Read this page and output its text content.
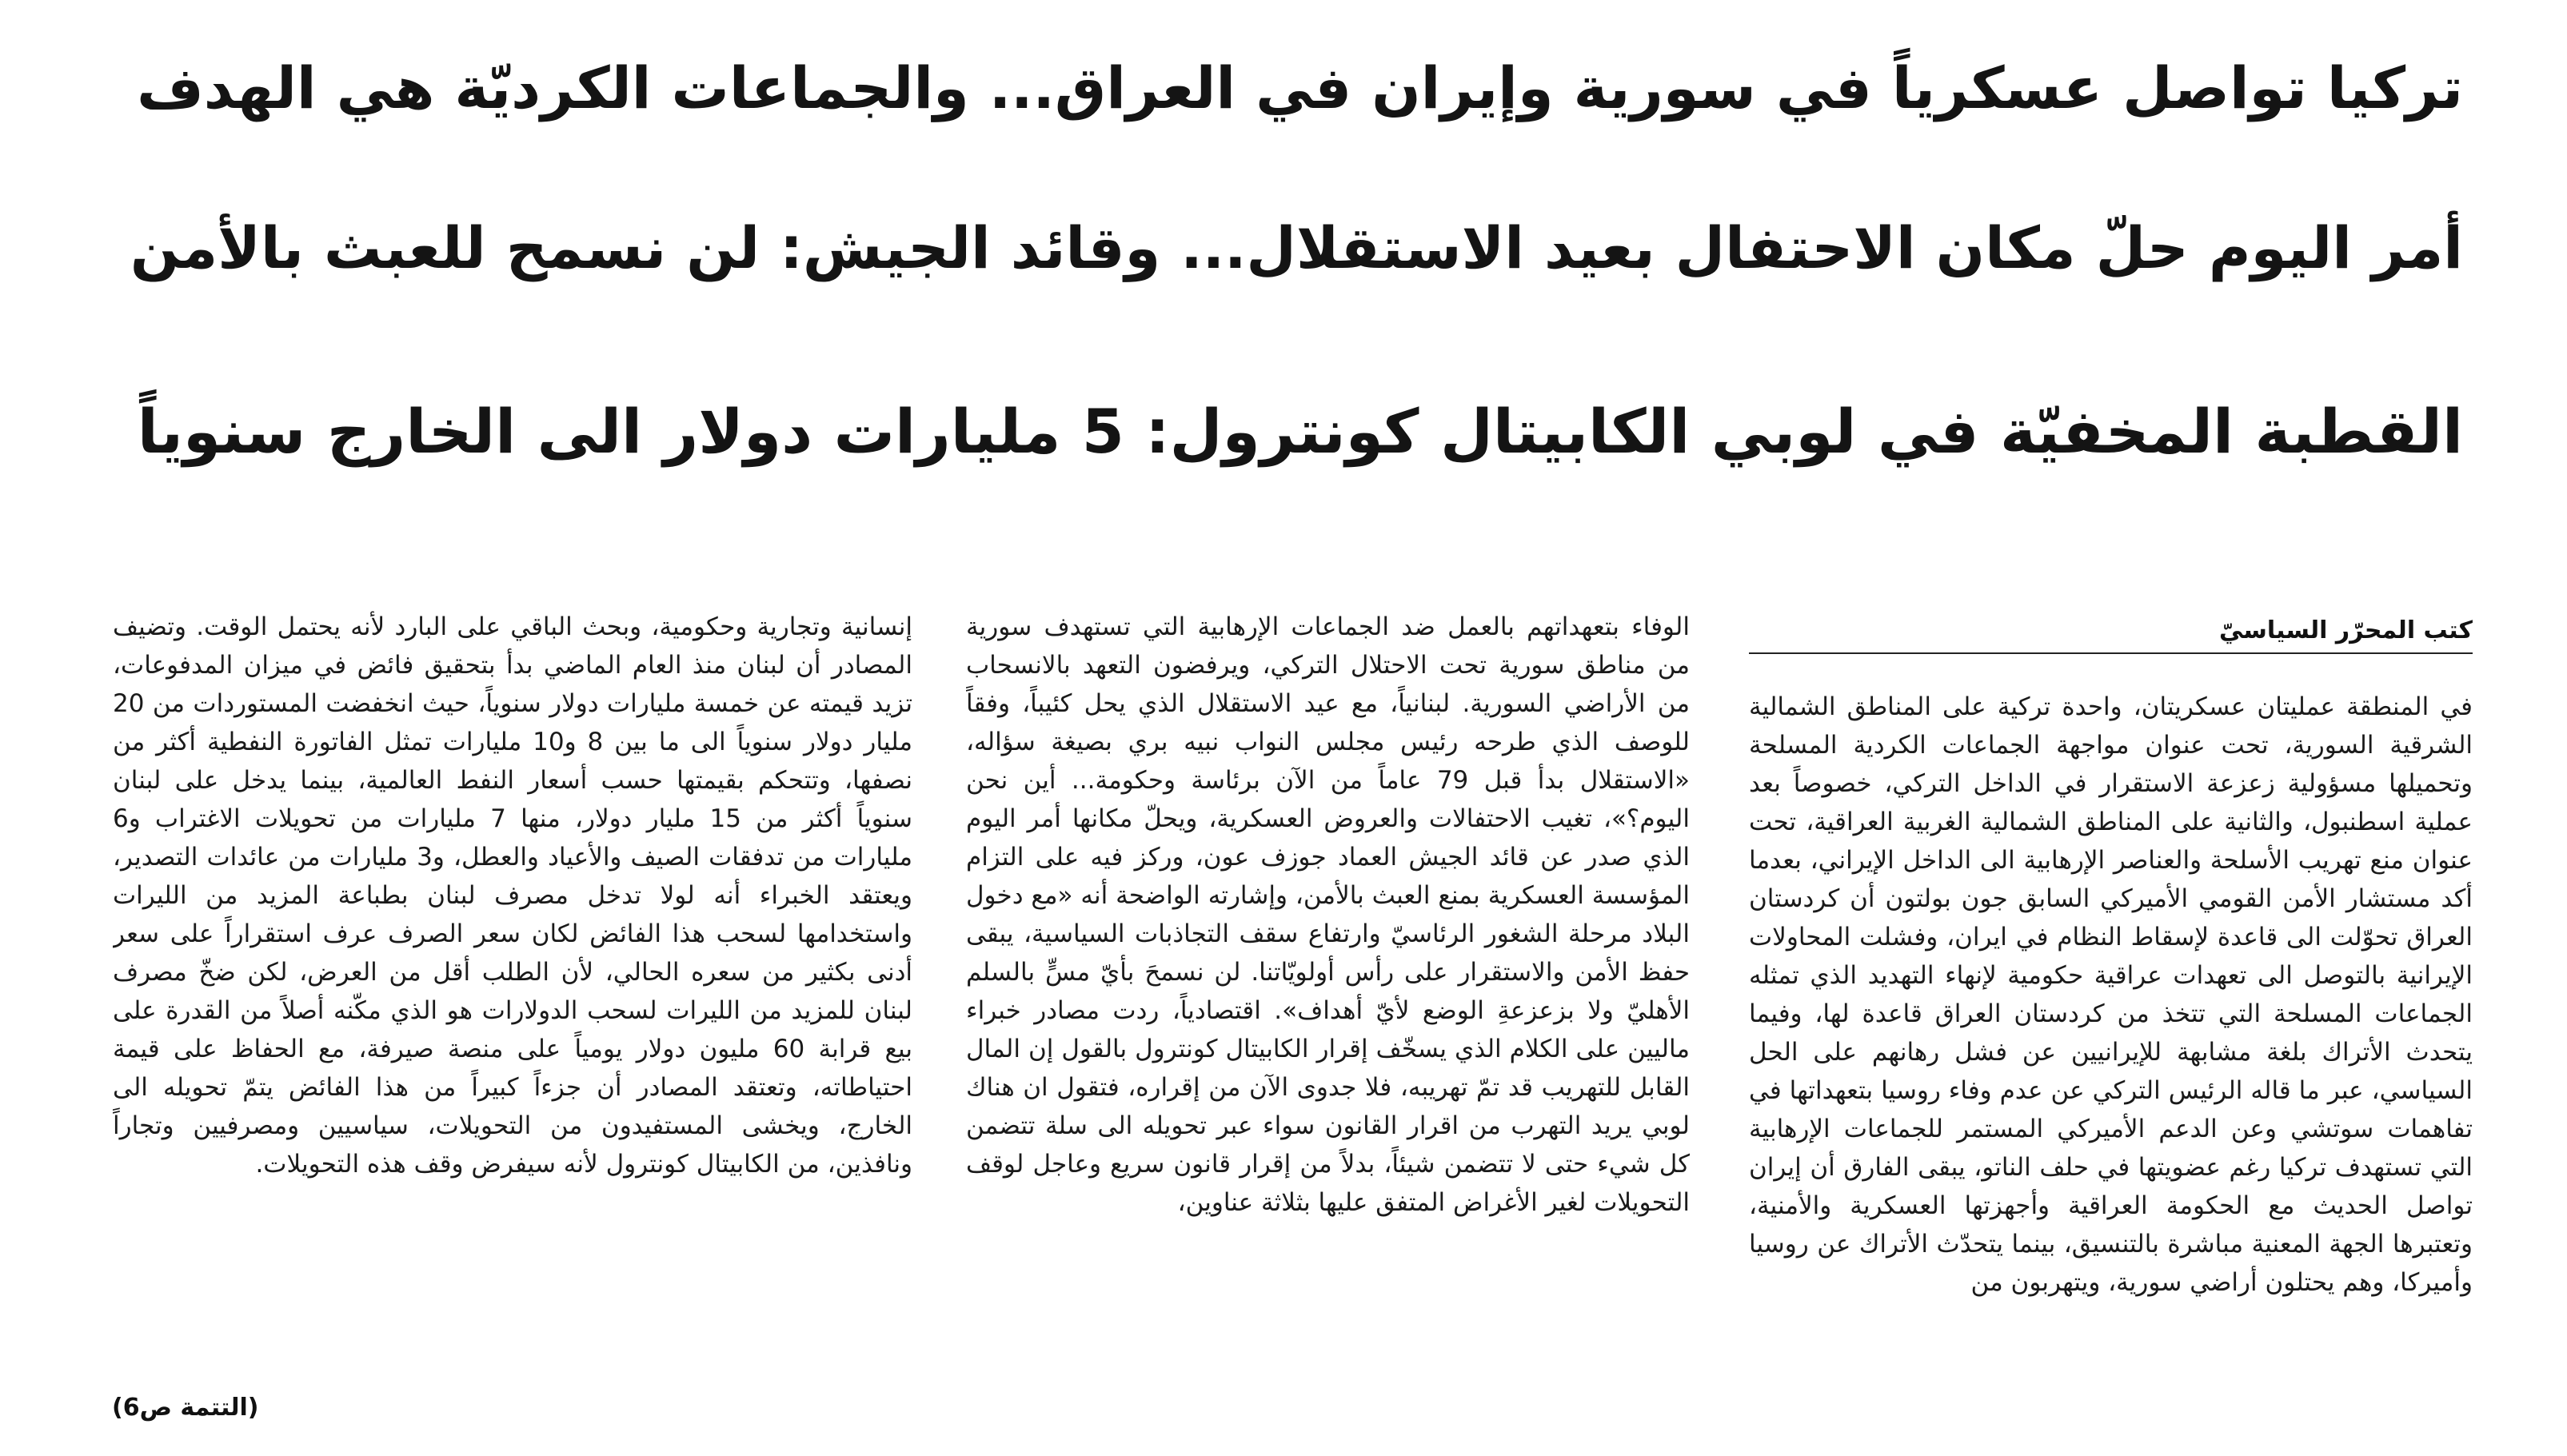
تركيا تواصل عسكرياً في سورية وإيران في العراق... والجماعات الكرديّة هي الهدف
أمر اليوم حلّ مكان الاحتفال بعيد الاستقلال... وقائد الجيش: لن نسمح للعبث بالأمن
القطبة المخفيّة في لوبي الكابيتال كونترول: 5 مليارات دولار الى الخارج سنوياً
كتب المحرّر السياسيّ

في المنطقة عمليتان عسكريتان، واحدة تركية على المناطق الشمالية الشرقية السورية، تحت عنوان مواجهة الجماعات الكردية المسلحة وتحميلها مسؤولية زعزعة الاستقرار في الداخل التركي، خصوصاً بعد عملية اسطنبول، والثانية على المناطق الشمالية الغربية العراقية، تحت عنوان منع تهريب الأسلحة والعناصر الإرهابية الى الداخل الإيراني، بعدما أكد مستشار الأمن القومي الأميركي السابق جون بولتون أن كردستان العراق تحوّلت الى قاعدة لإسقاط النظام في ايران، وفشلت المحاولات الإيرانية بالتوصل الى تعهدات عراقية حكومية لإنهاء التهديد الذي تمثله الجماعات المسلحة التي تتخذ من كردستان العراق قاعدة لها، وفيما يتحدث الأتراك بلغة مشابهة للإيرانيين عن فشل رهانهم على الحل السياسي، عبر ما قاله الرئيس التركي عن عدم وفاء روسيا بتعهداتها في تفاهمات سوتشي وعن الدعم الأميركي المستمر للجماعات الإرهابية التي تستهدف تركيا رغم عضويتها في حلف الناتو، يبقى الفارق أن إيران تواصل الحديث مع الحكومة العراقية وأجهزتها العسكرية والأمنية، وتعتبرها الجهة المعنية مباشرة بالتنسيق، بينما يتحدّث الأتراك عن روسيا وأميركا، وهم يحتلون أراضي سورية، ويتهربون من

الوفاء بتعهداتهم بالعمل ضد الجماعات الإرهابية التي تستهدف سورية من مناطق سورية تحت الاحتلال التركي، ويرفضون التعهد بالانسحاب من الأراضي السورية. لبنانياً، مع عيد الاستقلال الذي يحل كئيباً، وفقاً للوصف الذي طرحه رئيس مجلس النواب نبيه بري بصيغة سؤاله، «الاستقلال بدأ قبل 79 عاماً من الآن برئاسة وحكومة... أين نحن اليوم؟»، تغيب الاحتفالات والعروض العسكرية، ويحلّ مكانها أمر اليوم الذي صدر عن قائد الجيش العماد جوزف عون، وركز فيه على التزام المؤسسة العسكرية بمنع العبث بالأمن، وإشارته الواضحة أنه «مع دخول البلاد مرحلة الشغور الرئاسيّ وارتفاع سقف التجاذبات السياسية، يبقى حفظ الأمن والاستقرار على رأس أولويّاتنا. لن نسمحَ بأيّ مسٍّ بالسلم الأهليّ ولا بزعزعةِ الوضع لأيّ أهداف». اقتصادياً، ردت مصادر خبراء ماليين على الكلام الذي يسخّف إقرار الكابيتال كونترول بالقول إن المال القابل للتهريب قد تمّ تهريبه، فلا جدوى الآن من إقراره، فتقول ان هناك لوبي يريد التهرب من اقرار القانون سواء عبر تحويله الى سلة تتضمن كل شيء حتى لا تتضمن شيئاً، بدلاً من إقرار قانون سريع وعاجل لوقف التحويلات لغير الأغراض المتفق عليها بثلاثة عناوين،

إنسانية وتجارية وحكومية، وبحث الباقي على البارد لأنه يحتمل الوقت. وتضيف المصادر أن لبنان منذ العام الماضي بدأ بتحقيق فائض في ميزان المدفوعات، تزيد قيمته عن خمسة مليارات دولار سنوياً، حيث انخفضت المستوردات من 20 مليار دولار سنوياً الى ما بين 8 و10 مليارات تمثل الفاتورة النفطية أكثر من نصفها، وتتحكم بقيمتها حسب أسعار النفط العالمية، بينما يدخل على لبنان سنوياً أكثر من 15 مليار دولار، منها 7 مليارات من تحويلات الاغتراب و6 مليارات من تدفقات الصيف والأعياد والعطل، و3 مليارات من عائدات التصدير، ويعتقد الخبراء أنه لولا تدخل مصرف لبنان بطباعة المزيد من الليرات واستخدامها لسحب هذا الفائض لكان سعر الصرف عرف استقراراً على سعر أدنى بكثير من سعره الحالي، لأن الطلب أقل من العرض، لكن ضخّ مصرف لبنان للمزيد من الليرات لسحب الدولارات هو الذي مكّنه أصلاً من القدرة على بيع قرابة 60 مليون دولار يومياً على منصة صيرفة، مع الحفاظ على قيمة احتياطاته، وتعتقد المصادر أن جزءاً كبيراً من هذا الفائض يتمّ تحويله الى الخارج، ويخشى المستفيدون من التحويلات، سياسيين ومصرفيين وتجاراً ونافذين، من الكابيتال كونترول لأنه سيفرض وقف هذه التحويلات.

(التتمة ص6)
